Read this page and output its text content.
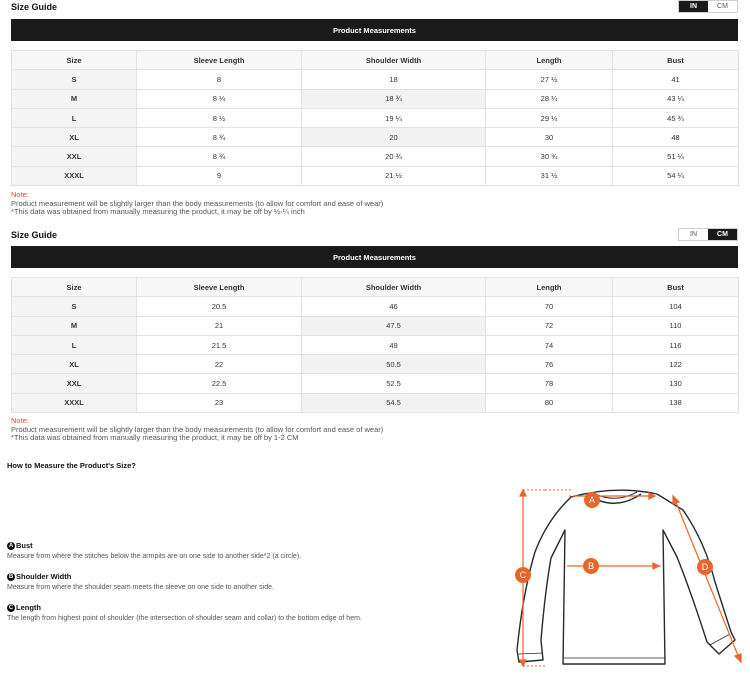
Size Guide	IN	CM
Product Measurements
Size	Sleeve Length	Shoulder Width	Length	Bust
S	8	18	27 ½	41
M	8 ¼	18 ¾	28 ¼	43 ¼
L	8 ½	19 ¼	29 ¼	45 ¾
XL	8 ¾	20	30	48
XXL	8 ¾	20 ¾	30 ¾	51 ¼
XXXL	9	21 ½	31 ½	54 ¼
Note:
Product measurement will be slightly larger than the body measurements (to allow for comfort and ease of wear)
*This data was obtained from manually measuring the product, it may be off by ½-¼ inch
Size Guide	IN	CM
Product Measurements
Size	Sleeve Length	Shoulder Width	Length	Bust
S	20.5	46	70	104
M	21	47.5	72	110
L	21.5	49	74	116
XL	22	50.5	76	122
XXL	22.5	52.5	78	130
XXXL	23	54.5	80	138
Note:
Product measurement will be slightly larger than the body measurements (to allow for comfort and ease of wear)
*This data was obtained from manually measuring the product, it may be off by 1-2 CM
How to Measure the Product's Size?
A Bust
Measure from where the stitches below the armpits are on one side to another side*2 (a circle).
B Shoulder Width
Measure from where the shoulder seam meets the sleeve on one side to another side.
C Length
The length from highest point of shoulder (the intersection of shoulder seam and collar) to the bottom edge of hem.
A
B
C
D
